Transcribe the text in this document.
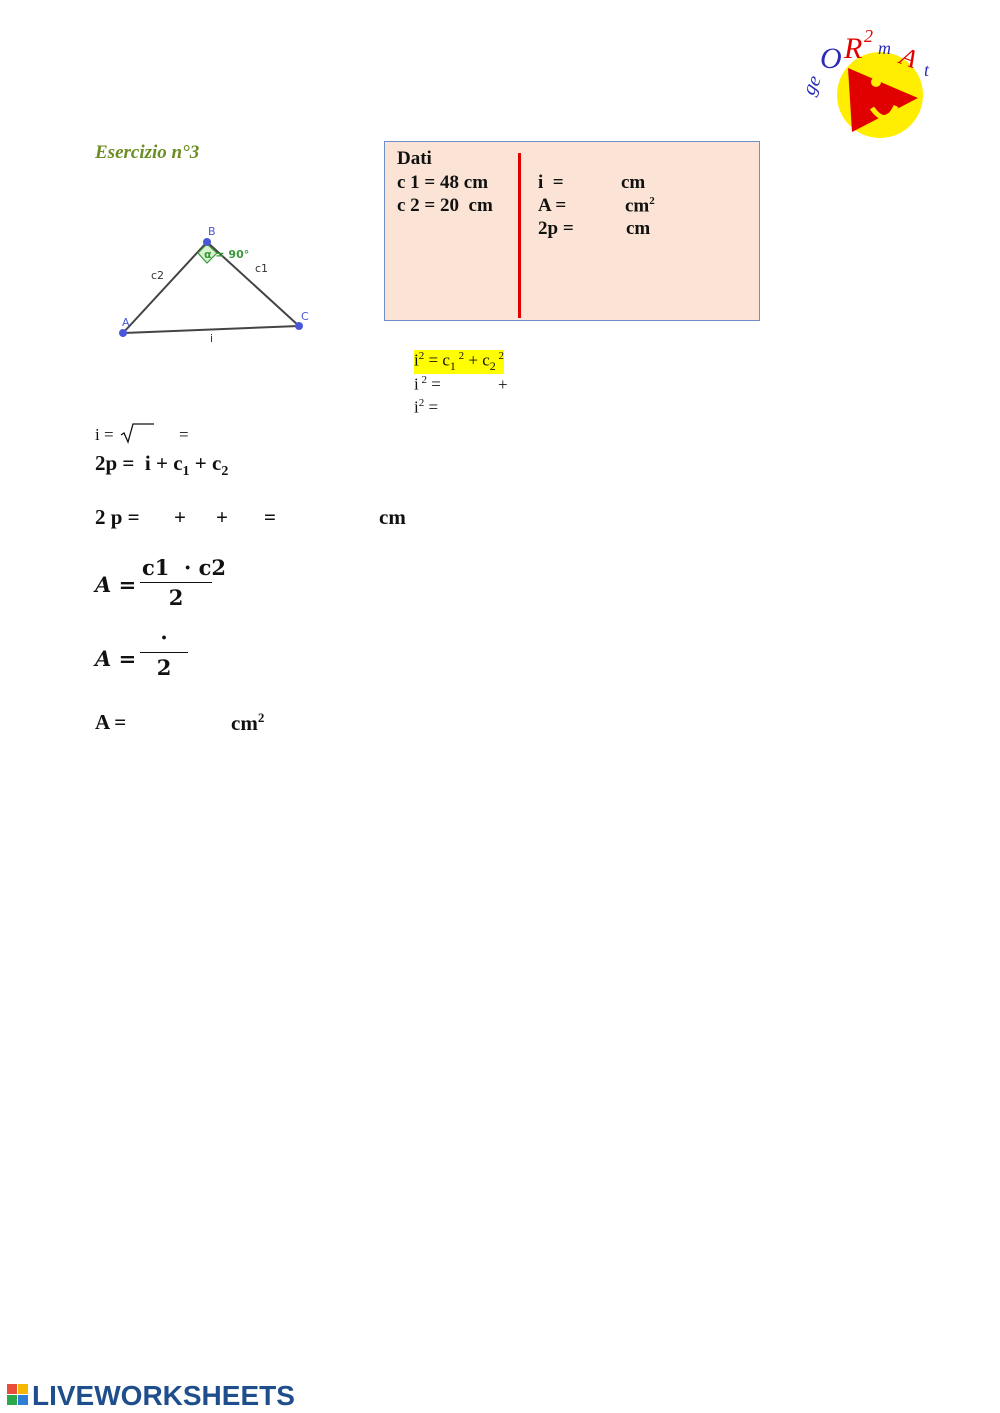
ge
O R 2
m A t
Esercizio n°3
A
B
C
c2
c1
i
α = 90°
Dati
c 1 = 48 cm
c 2 = 20  cm
i  =	cm
A =	$cm^2$
2p =	cm
$i^2 = c_1$ $^2 + c_2$ $^2$
i $^2$ =	+
$i^2$ =
i =	=
$2p = i + c_1 + c_2$
2 p = + + =	cm
$A = \frac{c1 \cdot c2}{2}$
A =
·
2
A =	$cm^2$
LIVEWORKSHEETS
